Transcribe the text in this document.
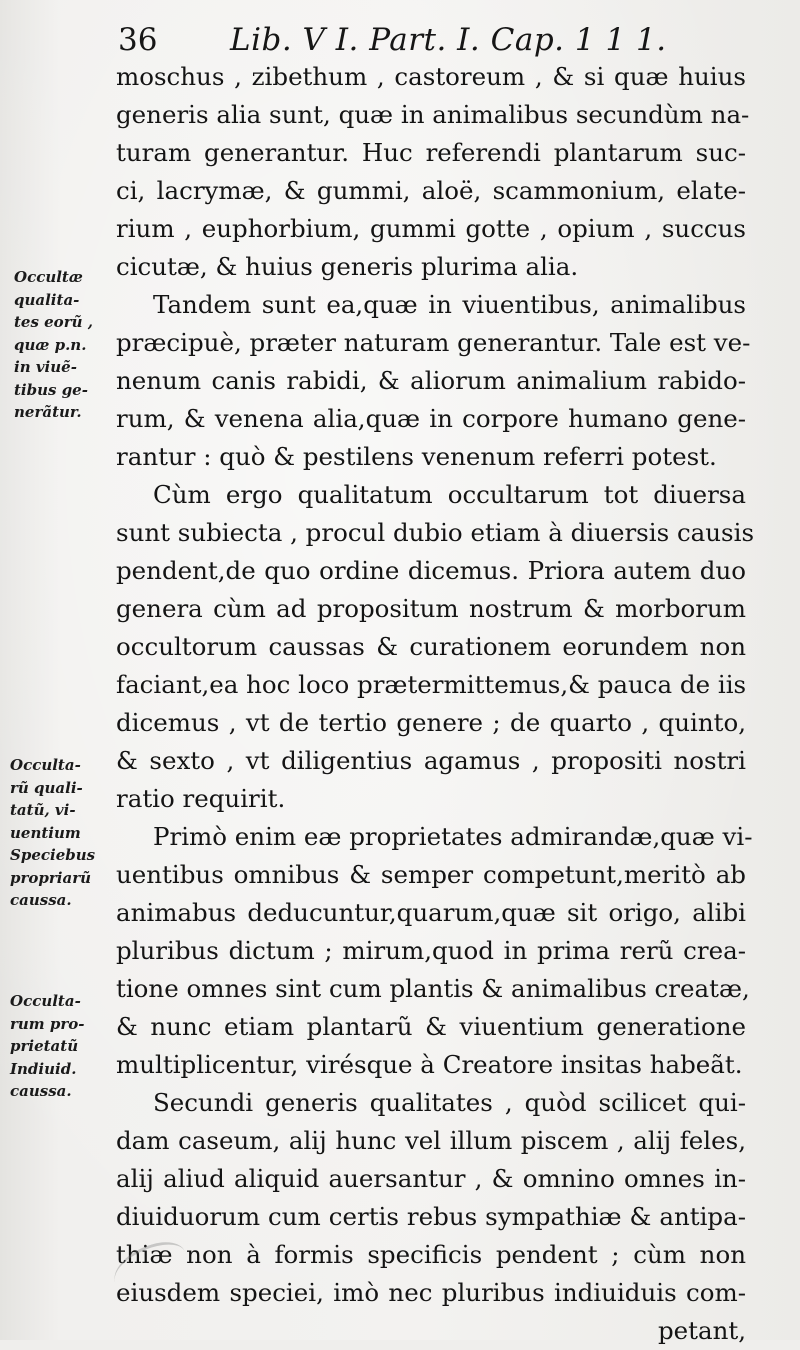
36 Lib. V I. Part. I. Cap. 1 1 1.
moschus , zibethum , castoreum , & si quæ huius
generis alia sunt, quæ in animalibus secundùm na-
turam generantur. Huc referendi plantarum suc-
ci, lacrymæ, & gummi, aloë, scammonium, elate-
rium , euphorbium, gummi gotte , opium , succus
cicutæ, & huius generis plurima alia.
Tandem sunt ea,quæ in viuentibus, animalibus
præcipuè, præter naturam generantur. Tale est ve-
nenum canis rabidi, & aliorum animalium rabido-
rum, & venena alia,quæ in corpore humano gene-
rantur : quò & pestilens venenum referri potest.
Cùm ergo qualitatum occultarum tot diuersa
sunt subiecta , procul dubio etiam à diuersis causis
pendent,de quo ordine dicemus. Priora autem duo
genera cùm ad propositum nostrum & morborum
occultorum caussas & curationem eorundem non
faciant,ea hoc loco prætermittemus,& pauca de iis
dicemus , vt de tertio genere ; de quarto , quinto,
& sexto , vt diligentius agamus , propositi nostri
ratio requirit.
Primò enim eæ proprietates admirandæ,quæ vi-
uentibus omnibus & semper competunt,meritò ab
animabus deducuntur,quarum,quæ sit origo, alibi
pluribus dictum ; mirum,quod in prima rerũ crea-
tione omnes sint cum plantis & animalibus creatæ,
& nunc etiam plantarũ & viuentium generatione
multiplicentur, virésque à Creatore insitas habeãt.
Secundi generis qualitates , quòd scilicet qui-
dam caseum, alij hunc vel illum piscem , alij feles,
alij aliud aliquid auersantur , & omnino omnes in-
diuiduorum cum certis rebus sympathiæ & antipa-
thiæ non à formis specificis pendent ; cùm non
eiusdem speciei, imò nec pluribus indiuiduis com-
petant,
Occultæ
qualita-
tes eorũ ,
quæ p.n.
in viuẽ-
tibus ge-
nerãtur.
Occulta-
rũ quali-
tatũ, vi-
uentium
Speciebus
propriarũ
caussa.
Occulta-
rum pro-
prietatũ
Indiuid.
caussa.
